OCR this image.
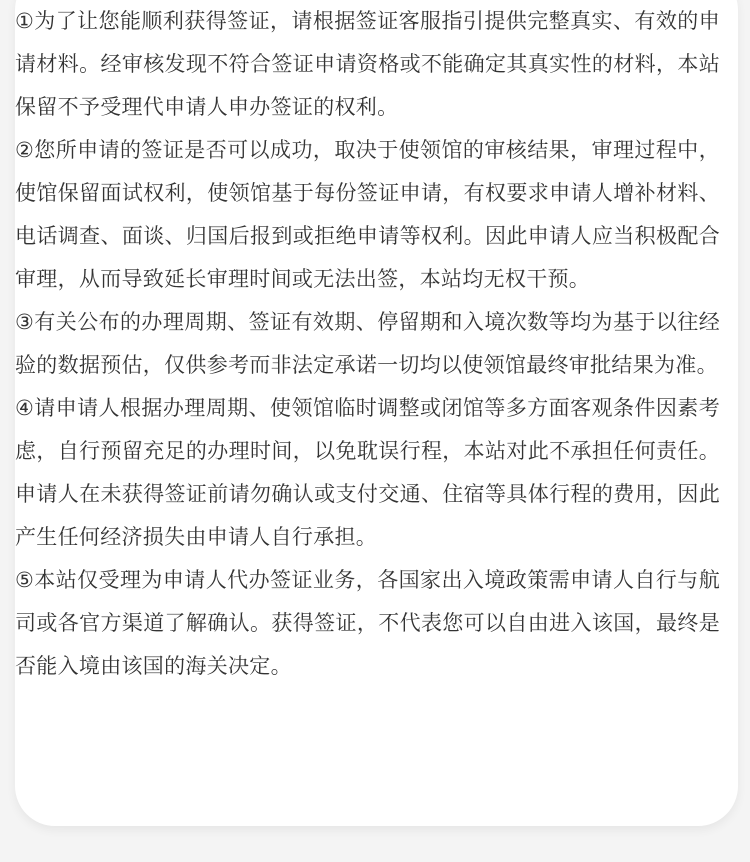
①为了让您能顺利获得签证，请根据签证客服指引提供完整真实、有效的申请材料。经审核发现不符合签证申请资格或不能确定其真实性的材料，本站保留不予受理代申请人申办签证的权利。

②您所申请的签证是否可以成功，取决于使领馆的审核结果，审理过程中，使馆保留面试权利，使领馆基于每份签证申请，有权要求申请人增补材料、电话调查、面谈、归国后报到或拒绝申请等权利。因此申请人应当积极配合审理，从而导致延长审理时间或无法出签，本站均无权干预。

③有关公布的办理周期、签证有效期、停留期和入境次数等均为基于以往经验的数据预估，仅供参考而非法定承诺一切均以使领馆最终审批结果为准。

④请申请人根据办理周期、使领馆临时调整或闭馆等多方面客观条件因素考虑，自行预留充足的办理时间，以免耽误行程，本站对此不承担任何责任。申请人在未获得签证前请勿确认或支付交通、住宿等具体行程的费用，因此产生任何经济损失由申请人自行承担。

⑤本站仅受理为申请人代办签证业务，各国家出入境政策需申请人自行与航司或各官方渠道了解确认。获得签证，不代表您可以自由进入该国，最终是否能入境由该国的海关决定。
